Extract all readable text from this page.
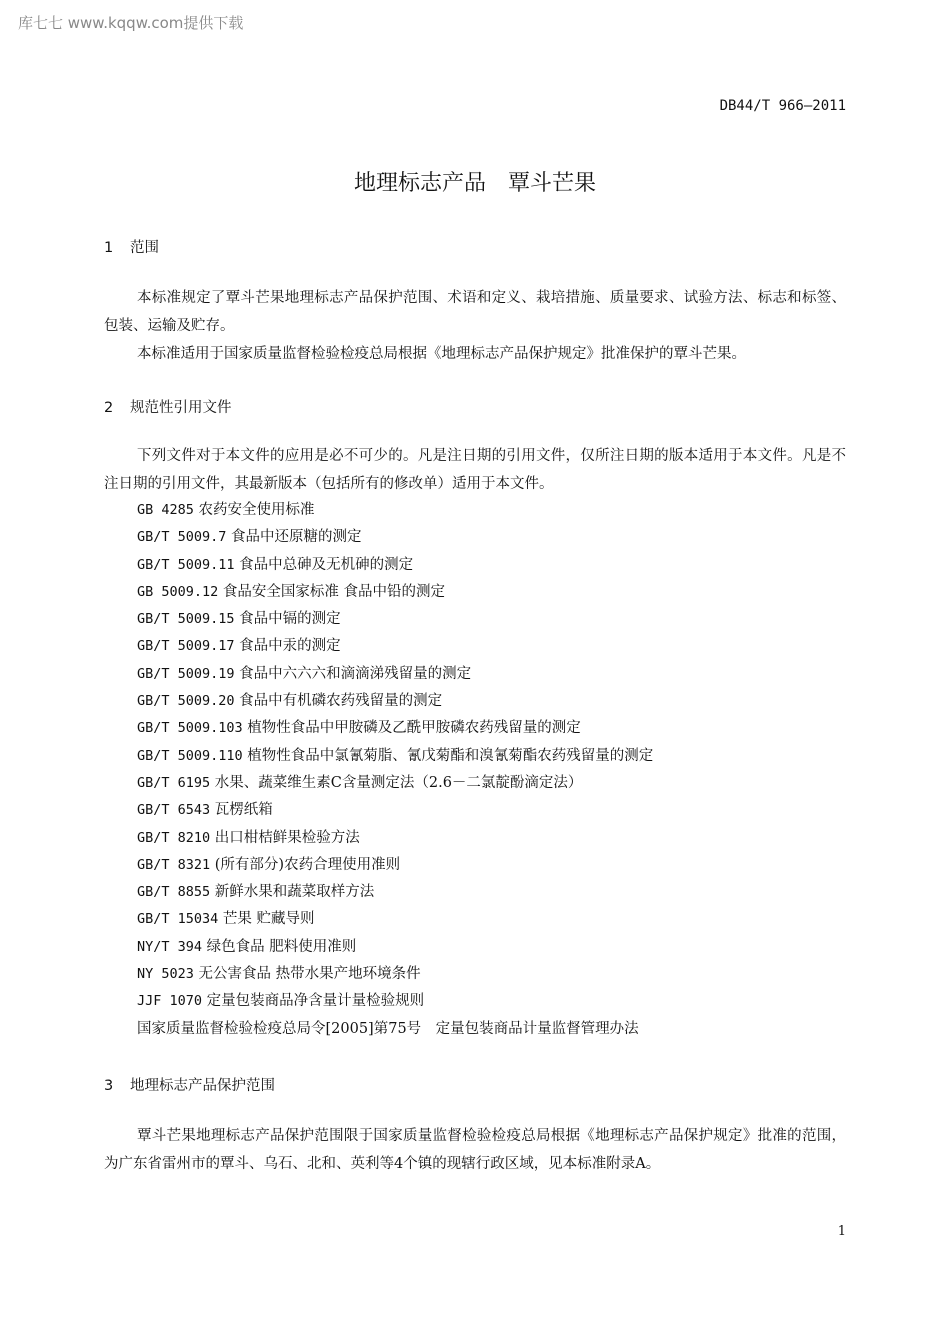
库七七 www.kqqw.com提供下载
DB44/T 966—2011
地理标志产品　覃斗芒果
1 范围

本标准规定了覃斗芒果地理标志产品保护范围、术语和定义、栽培措施、质量要求、试验方法、标志和标签、包装、运输及贮存。

本标准适用于国家质量监督检验检疫总局根据《地理标志产品保护规定》批准保护的覃斗芒果。

2 规范性引用文件

下列文件对于本文件的应用是必不可少的。凡是注日期的引用文件，仅所注日期的版本适用于本文件。凡是不注日期的引用文件，其最新版本（包括所有的修改单）适用于本文件。

GB 4285 农药安全使用标准
GB/T 5009.7 食品中还原糖的测定
GB/T 5009.11 食品中总砷及无机砷的测定
GB 5009.12 食品安全国家标准 食品中铅的测定
GB/T 5009.15 食品中镉的测定
GB/T 5009.17 食品中汞的测定
GB/T 5009.19 食品中六六六和滴滴涕残留量的测定
GB/T 5009.20 食品中有机磷农药残留量的测定
GB/T 5009.103 植物性食品中甲胺磷及乙酰甲胺磷农药残留量的测定
GB/T 5009.110 植物性食品中氯氰菊脂、氰戊菊酯和溴氰菊酯农药残留量的测定
GB/T 6195 水果、蔬菜维生素C含量测定法（2.6－二氯靛酚滴定法）
GB/T 6543 瓦楞纸箱
GB/T 8210 出口柑桔鲜果检验方法
GB/T 8321 (所有部分)农药合理使用准则
GB/T 8855 新鲜水果和蔬菜取样方法
GB/T 15034 芒果 贮藏导则
NY/T 394 绿色食品 肥料使用准则
NY 5023 无公害食品 热带水果产地环境条件
JJF 1070 定量包装商品净含量计量检验规则
国家质量监督检验检疫总局令[2005]第75号　定量包装商品计量监督管理办法
3 地理标志产品保护范围

覃斗芒果地理标志产品保护范围限于国家质量监督检验检疫总局根据《地理标志产品保护规定》批准的范围，为广东省雷州市的覃斗、乌石、北和、英利等4个镇的现辖行政区域，见本标准附录A。

1
